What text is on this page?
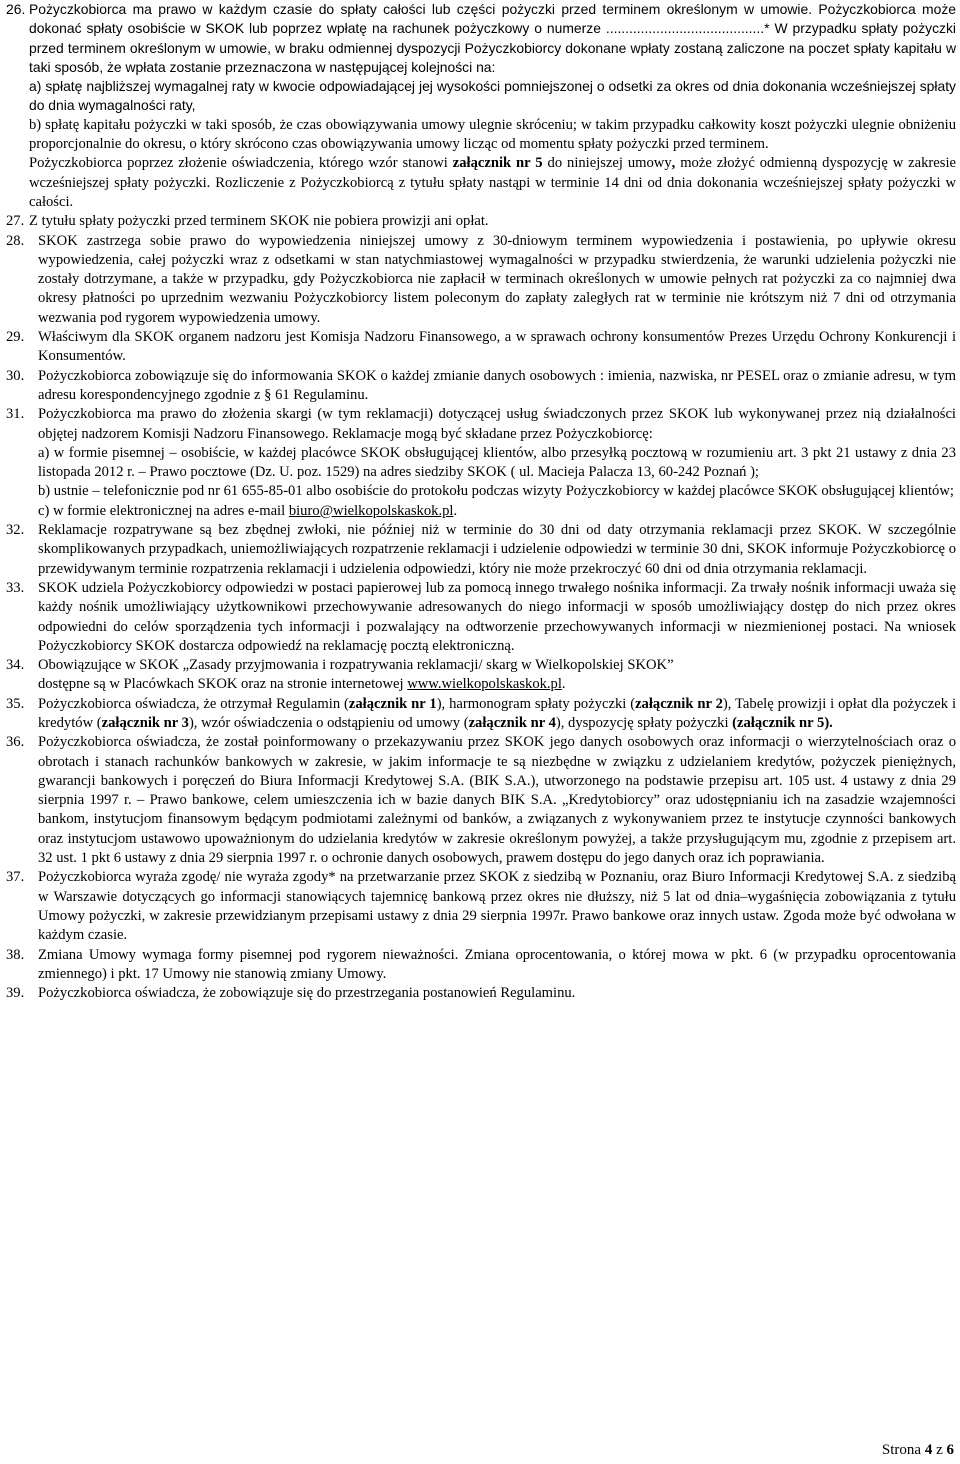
26. Pożyczkobiorca ma prawo w każdym czasie do spłaty całości lub części pożyczki przed terminem określonym w umowie. Pożyczkobiorca może dokonać spłaty osobiście w SKOK lub poprzez wpłatę na rachunek pożyczkowy o numerze .........................................* W przypadku spłaty pożyczki przed terminem określonym w umowie, w braku odmiennej dyspozycji Pożyczkobiorcy dokonane wpłaty zostaną zaliczone na poczet spłaty kapitału w taki sposób, że wpłata zostanie przeznaczona w następującej kolejności na:

a) spłatę najbliższej wymagalnej raty w kwocie odpowiadającej jej wysokości pomniejszonej o odsetki za okres od dnia dokonania wcześniejszej spłaty do dnia wymagalności raty,

b) spłatę kapitału pożyczki w taki sposób, że czas obowiązywania umowy ulegnie skróceniu; w takim przypadku całkowity koszt pożyczki ulegnie obniżeniu proporcjonalnie do okresu, o który skrócono czas obowiązywania umowy licząc od momentu spłaty pożyczki przed terminem.

Pożyczkobiorca poprzez złożenie oświadczenia, którego wzór stanowi załącznik nr 5 do niniejszej umowy, może złożyć odmienną dyspozycję w zakresie wcześniejszej spłaty pożyczki. Rozliczenie z Pożyczkobiorcą z tytułu spłaty nastąpi w terminie 14 dni od dnia dokonania wcześniejszej spłaty pożyczki w całości.

27. Z tytułu spłaty pożyczki przed terminem SKOK nie pobiera prowizji ani opłat.
28. SKOK zastrzega sobie prawo do wypowiedzenia niniejszej umowy z 30-dniowym terminem wypowiedzenia i postawienia, po upływie okresu wypowiedzenia, całej pożyczki wraz z odsetkami w stan natychmiastowej wymagalności w przypadku stwierdzenia, że warunki udzielenia pożyczki nie zostały dotrzymane, a także w przypadku, gdy Pożyczkobiorca nie zapłacił w terminach określonych w umowie pełnych rat pożyczki za co najmniej dwa okresy płatności po uprzednim wezwaniu Pożyczkobiorcy listem poleconym do zapłaty zaległych rat w terminie nie krótszym niż 7 dni od otrzymania wezwania pod rygorem wypowiedzenia umowy.
29. Właściwym dla SKOK organem nadzoru jest Komisja Nadzoru Finansowego, a w sprawach ochrony konsumentów Prezes Urzędu Ochrony Konkurencji i Konsumentów.
30. Pożyczkobiorca zobowiązuje się do informowania SKOK o każdej zmianie danych osobowych : imienia, nazwiska, nr PESEL oraz o zmianie adresu, w tym adresu korespondencyjnego zgodnie z § 61 Regulaminu.
31. Pożyczkobiorca ma prawo do złożenia skargi (w tym reklamacji) dotyczącej usług świadczonych przez SKOK lub wykonywanej przez nią działalności objętej nadzorem Komisji Nadzoru Finansowego. Reklamacje mogą być składane przez Pożyczkobiorcę:

a) w formie pisemnej – osobiście, w każdej placówce SKOK obsługującej klientów, albo przesyłką pocztową w rozumieniu art. 3 pkt 21 ustawy z dnia 23 listopada 2012 r. – Prawo pocztowe (Dz. U. poz. 1529) na adres siedziby SKOK ( ul. Macieja Palacza 13, 60-242 Poznań );

b) ustnie – telefonicznie pod nr 61 655-85-01 albo osobiście do protokołu podczas wizyty Pożyczkobiorcy w każdej placówce SKOK obsługującej klientów;

c) w formie elektronicznej na adres e-mail biuro@wielkopolskaskok.pl.

32. Reklamacje rozpatrywane są bez zbędnej zwłoki, nie później niż w terminie do 30 dni od daty otrzymania reklamacji przez SKOK. W szczególnie skomplikowanych przypadkach, uniemożliwiających rozpatrzenie reklamacji i udzielenie odpowiedzi w terminie 30 dni, SKOK informuje Pożyczkobiorcę o przewidywanym terminie rozpatrzenia reklamacji i udzielenia odpowiedzi, który nie może przekroczyć 60 dni od dnia otrzymania reklamacji.
33. SKOK udziela Pożyczkobiorcy odpowiedzi w postaci papierowej lub za pomocą innego trwałego nośnika informacji. Za trwały nośnik informacji uważa się każdy nośnik umożliwiający użytkownikowi przechowywanie adresowanych do niego informacji w sposób umożliwiający dostęp do nich przez okres odpowiedni do celów sporządzenia tych informacji i pozwalający na odtworzenie przechowywanych informacji w niezmienionej postaci. Na wniosek Pożyczkobiorcy SKOK dostarcza odpowiedź na reklamację pocztą elektroniczną.
34. Obowiązujące w SKOK „Zasady przyjmowania i rozpatrywania reklamacji/ skarg w Wielkopolskiej SKOK”

dostępne są w Placówkach SKOK oraz na stronie internetowej www.wielkopolskaskok.pl.

35. Pożyczkobiorca oświadcza, że otrzymał Regulamin (załącznik nr 1), harmonogram spłaty pożyczki (załącznik nr 2), Tabelę prowizji i opłat dla pożyczek i kredytów (załącznik nr 3), wzór oświadczenia o odstąpieniu od umowy (załącznik nr 4), dyspozycję spłaty pożyczki (załącznik nr 5).
36. Pożyczkobiorca oświadcza, że został poinformowany o przekazywaniu przez SKOK jego danych osobowych oraz informacji o wierzytelnościach oraz o obrotach i stanach rachunków bankowych w zakresie, w jakim informacje te są niezbędne w związku z udzielaniem kredytów, pożyczek pieniężnych, gwarancji bankowych i poręczeń do Biura Informacji Kredytowej S.A. (BIK S.A.), utworzonego na podstawie przepisu art. 105 ust. 4 ustawy z dnia 29 sierpnia 1997 r. – Prawo bankowe, celem umieszczenia ich w bazie danych BIK S.A. „Kredytobiorcy” oraz udostępnianiu ich na zasadzie wzajemności bankom, instytucjom finansowym będącym podmiotami zależnymi od banków, a związanych z wykonywaniem przez te instytucje czynności bankowych oraz instytucjom ustawowo upoważnionym do udzielania kredytów w zakresie określonym powyżej, a także przysługującym mu, zgodnie z przepisem art. 32 ust. 1 pkt 6 ustawy z dnia 29 sierpnia 1997 r. o ochronie danych osobowych, prawem dostępu do jego danych oraz ich poprawiania.
37. Pożyczkobiorca wyraża zgodę/ nie wyraża zgody* na przetwarzanie przez SKOK z siedzibą w Poznaniu, oraz Biuro Informacji Kredytowej S.A. z siedzibą w Warszawie dotyczących go informacji stanowiących tajemnicę bankową przez okres nie dłuższy, niż 5 lat od dnia–wygaśnięcia zobowiązania z tytułu Umowy pożyczki, w zakresie przewidzianym przepisami ustawy z dnia 29 sierpnia 1997r. Prawo bankowe oraz innych ustaw. Zgoda może być odwołana w każdym czasie.
38. Zmiana Umowy wymaga formy pisemnej pod rygorem nieważności. Zmiana oprocentowania, o której mowa w pkt. 6 (w przypadku oprocentowania zmiennego) i pkt. 17 Umowy nie stanowią zmiany Umowy.
39. Pożyczkobiorca oświadcza, że zobowiązuje się do przestrzegania postanowień Regulaminu.
Strona 4 z 6
